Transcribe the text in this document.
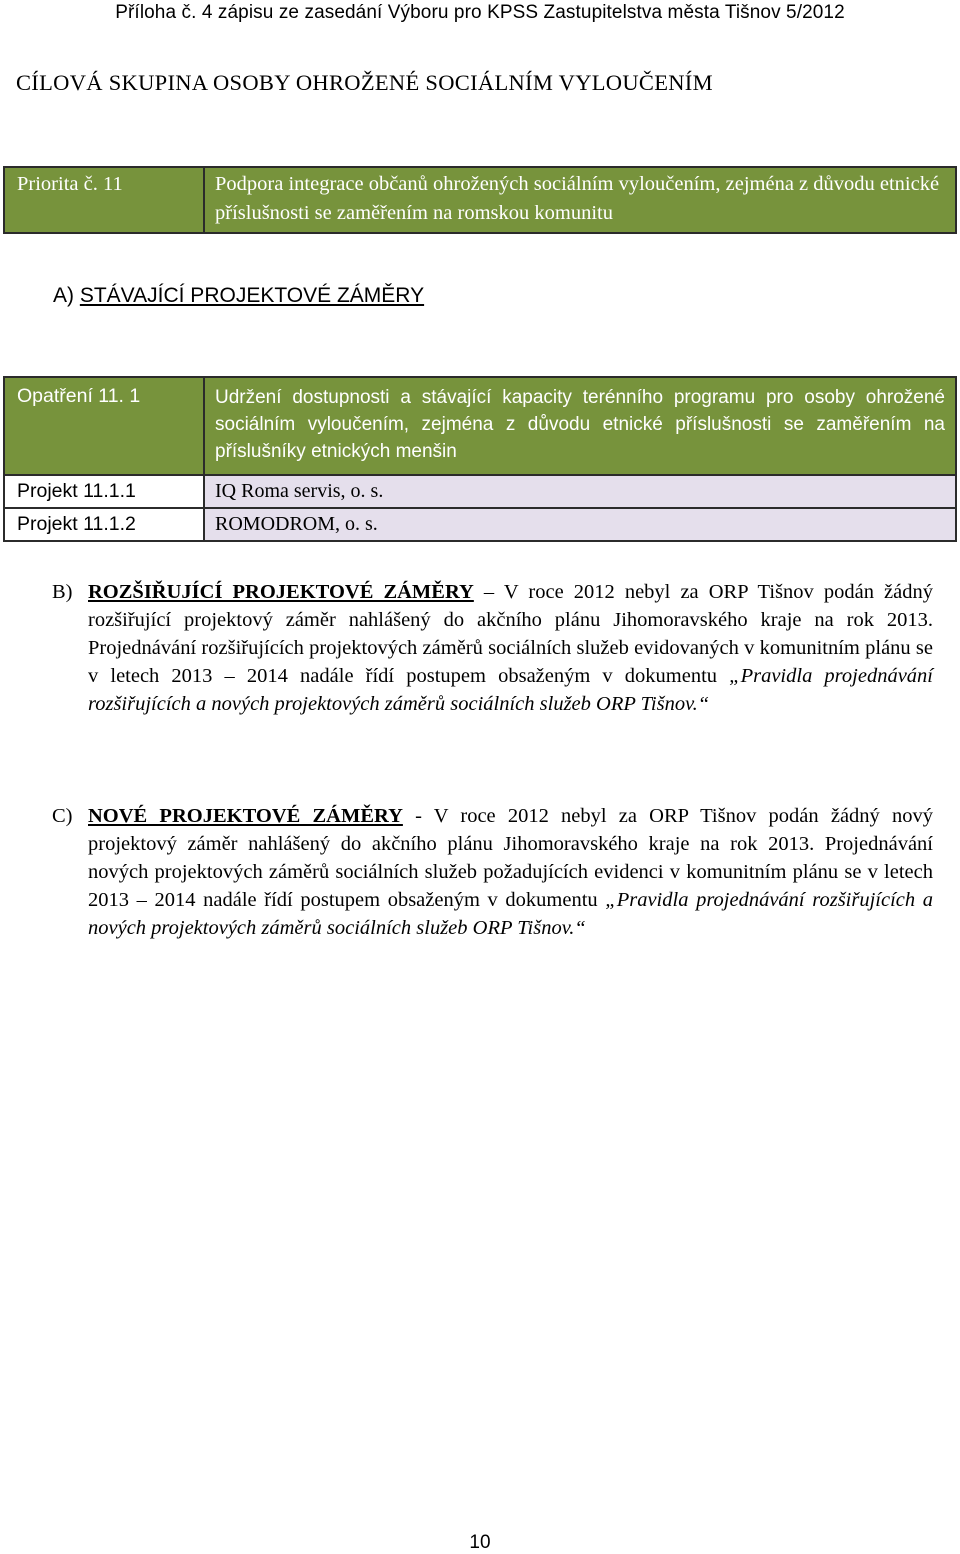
Příloha č. 4 zápisu ze zasedání Výboru pro KPSS Zastupitelstva města Tišnov 5/2012
CÍLOVÁ SKUPINA OSOBY OHROŽENÉ SOCIÁLNÍM VYLOUČENÍM
Priorita č. 11	Podpora integrace občanů ohrožených sociálním vyloučením, zejména z důvodu etnické příslušnosti se zaměřením na romskou komunitu
A) STÁVAJÍCÍ PROJEKTOVÉ ZÁMĚRY
Opatření 11. 1	Udržení dostupnosti a stávající kapacity terénního programu pro osoby ohrožené sociálním vyloučením, zejména z důvodu etnické příslušnosti se zaměřením na příslušníky etnických menšin
Projekt 11.1.1	IQ Roma servis, o. s.
Projekt 11.1.2	ROMODROM, o. s.
B) ROZŠIŘUJÍCÍ PROJEKTOVÉ ZÁMĚRY – V roce 2012 nebyl za ORP Tišnov podán žádný rozšiřující projektový záměr nahlášený do akčního plánu Jihomoravského kraje na rok 2013. Projednávání rozšiřujících projektových záměrů sociálních služeb evidovaných v komunitním plánu se v letech 2013 – 2014 nadále řídí postupem obsaženým v dokumentu „Pravidla projednávání rozšiřujících a nových projektových záměrů sociálních služeb ORP Tišnov.“
C) NOVÉ PROJEKTOVÉ ZÁMĚRY - V roce 2012 nebyl za ORP Tišnov podán žádný nový projektový záměr nahlášený do akčního plánu Jihomoravského kraje na rok 2013. Projednávání nových projektových záměrů sociálních služeb požadujících evidenci v komunitním plánu se v letech 2013 – 2014 nadále řídí postupem obsaženým v dokumentu „Pravidla projednávání rozšiřujících a nových projektových záměrů sociálních služeb ORP Tišnov.“
10
